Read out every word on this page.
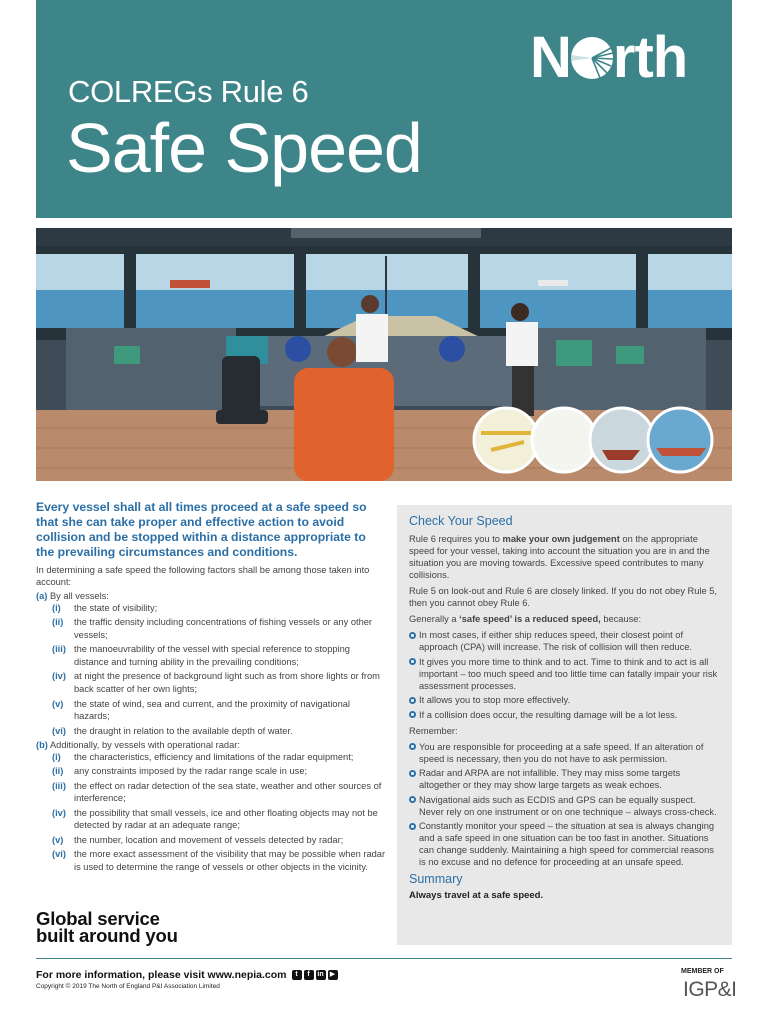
N rth
COLREGs Rule 6
Safe Speed

Every vessel shall at all times proceed at a safe speed so that she can take proper and effective action to avoid collision and be stopped within a distance appropriate to the prevailing circumstances and conditions.

In determining a safe speed the following factors shall be among those taken into account:

(a) By all vessels:

(i)	the state of visibility;
(ii)	the traffic density including concentrations of fishing vessels or any other vessels;
(iii) the manoeuvrability of the vessel with special reference to stopping distance and turning ability in the prevailing conditions;
(iv) at night the presence of background light such as from shore lights or from back scatter of her own lights;
(v)	the state of wind, sea and current, and the proximity of navigational hazards;
(vi) the draught in relation to the available depth of water.

(b) Additionally, by vessels with operational radar:

(i)	the characteristics, efficiency and limitations of the radar equipment;
(ii)	any constraints imposed by the radar range scale in use;
(iii) the effect on radar detection of the sea state, weather and other sources of interference;
(iv) the possibility that small vessels, ice and other floating objects may not be detected by radar at an adequate range;
(v)	the number, location and movement of vessels detected by radar;
(vi) the more exact assessment of the visibility that may be possible when radar is used to determine the range of vessels or other objects in the vicinity.
Global service
built around you
Check Your Speed

Rule 6 requires you to make your own judgement on the appropriate speed for your vessel, taking into account the situation you are in and the situation you are moving towards. Excessive speed contributes to many collisions.

Rule 5 on look-out and Rule 6 are closely linked. If you do not obey Rule 5, then you cannot obey Rule 6.

Generally a ‘safe speed’ is a reduced speed, because:

In most cases, if either ship reduces speed, their closest point of approach (CPA) will increase. The risk of collision will then reduce.
It gives you more time to think and to act. Time to think and to act is all important – too much speed and too little time can fatally impair your risk assessment processes.
It allows you to stop more effectively.
If a collision does occur, the resulting damage will be a lot less.

Remember:

You are responsible for proceeding at a safe speed. If an alteration of speed is necessary, then you do not have to ask permission.
Radar and ARPA are not infallible. They may miss some targets altogether or they may show large targets as weak echoes.
Navigational aids such as ECDIS and GPS can be equally suspect. Never rely on one instrument or on one technique – always cross-check.
Constantly monitor your speed – the situation at sea is always changing and a safe speed in one situation can be too fast in another. Situations can change suddenly. Maintaining a high speed for commercial reasons is no excuse and no defence for proceeding at an unsafe speed.
Summary
Always travel at a safe speed.
For more information, please visit www.nepia.com	t	f	in ▶
Copyright © 2019 The North of England P&I Association Limited
MEMBER OF
IGP&I
